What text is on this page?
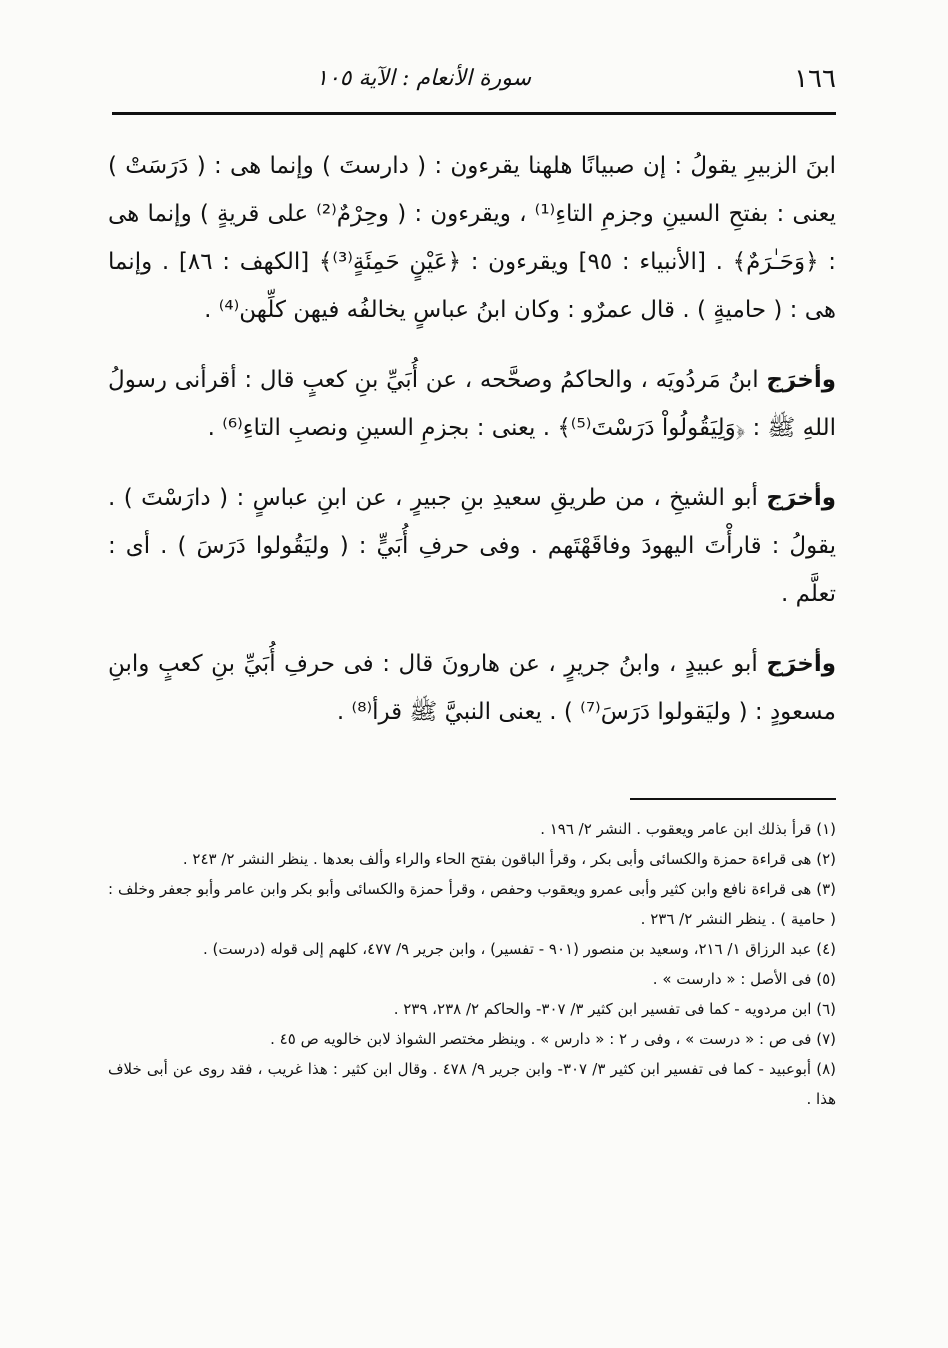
١٦٦
سورة الأنعام : الآية ١٠٥

ابنَ الزبيرِ يقولُ : إن صبيانًا هلهنا يقرءون : ( دارستَ ) وإنما هى : ( دَرَسَتْ ) يعنى : بفتحِ السينِ وجزمِ التاءِ⁽¹⁾ ، ويقرءون : ( وحِرْمٌ⁽²⁾ على قريةٍ ) وإنما هى : ﴿وَحَـٰرَمٌ﴾ . [الأنبياء : ٩٥] ويقرءون : ﴿عَيْنٍ حَمِئَةٍ⁽³⁾﴾ [الكهف : ٨٦] . وإنما هى : ( حاميةٍ ) . قال عمرٌو : وكان ابنُ عباسٍ يخالفُه فيهن كلِّهن⁽⁴⁾ .

وأخرَج ابنُ مَردُويَه ، والحاكمُ وصحَّحه ، عن أُبَيِّ بنِ كعبٍ قال : أقرأنى رسولُ اللهِ ﷺ : ﴿وَلِيَقُولُواْ دَرَسْتَ⁽⁵⁾﴾ . يعنى : بجزمِ السينِ ونصبِ التاءِ⁽⁶⁾ .

وأخرَج أبو الشيخِ ، من طريقِ سعيدِ بنِ جبيرٍ ، عن ابنِ عباسٍ : ( دارَسْتَ ) . يقولُ : قارأْتَ اليهودَ وفاقَهْتَهم . وفى حرفِ أُبَيٍّ : ( وليَقُولوا دَرَسَ ) . أى : تعلَّم .

وأخرَج أبو عبيدٍ ، وابنُ جريرٍ ، عن هارونَ قال : فى حرفِ أُبَيِّ بنِ كعبٍ وابنِ مسعودٍ : ( وليَقولوا دَرَسَ⁽⁷⁾ ) . يعنى النبيَّ ﷺ قرأ⁽⁸⁾ .

(١) قرأ بذلك ابن عامر ويعقوب . النشر ٢/ ١٩٦ .

(٢) هى قراءة حمزة والكسائى وأبى بكر ، وقرأ الباقون بفتح الحاء والراء وألف بعدها . ينظر النشر ٢/ ٢٤٣ .

(٣) هى قراءة نافع وابن كثير وأبى عمرو ويعقوب وحفص ، وقرأ حمزة والكسائى وأبو بكر وابن عامر وأبو جعفر وخلف : ( حامية ) . ينظر النشر ٢/ ٢٣٦ .

(٤) عبد الرزاق ١/ ٢١٦، وسعيد بن منصور (٩٠١ - تفسير) ، وابن جرير ٩/ ٤٧٧، كلهم إلى قوله (درست) .

(٥) فى الأصل : « دارست » .

(٦) ابن مردويه - كما فى تفسير ابن كثير ٣/ ٣٠٧- والحاكم ٢/ ٢٣٨، ٢٣٩ .

(٧) فى ص : « درست » ، وفى ر ٢ : « دارس » . وينظر مختصر الشواذ لابن خالويه ص ٤٥ .

(٨) أبوعبيد - كما فى تفسير ابن كثير ٣/ ٣٠٧- وابن جرير ٩/ ٤٧٨ . وقال ابن كثير : هذا غريب ، فقد روى عن أبى خلاف هذا .
